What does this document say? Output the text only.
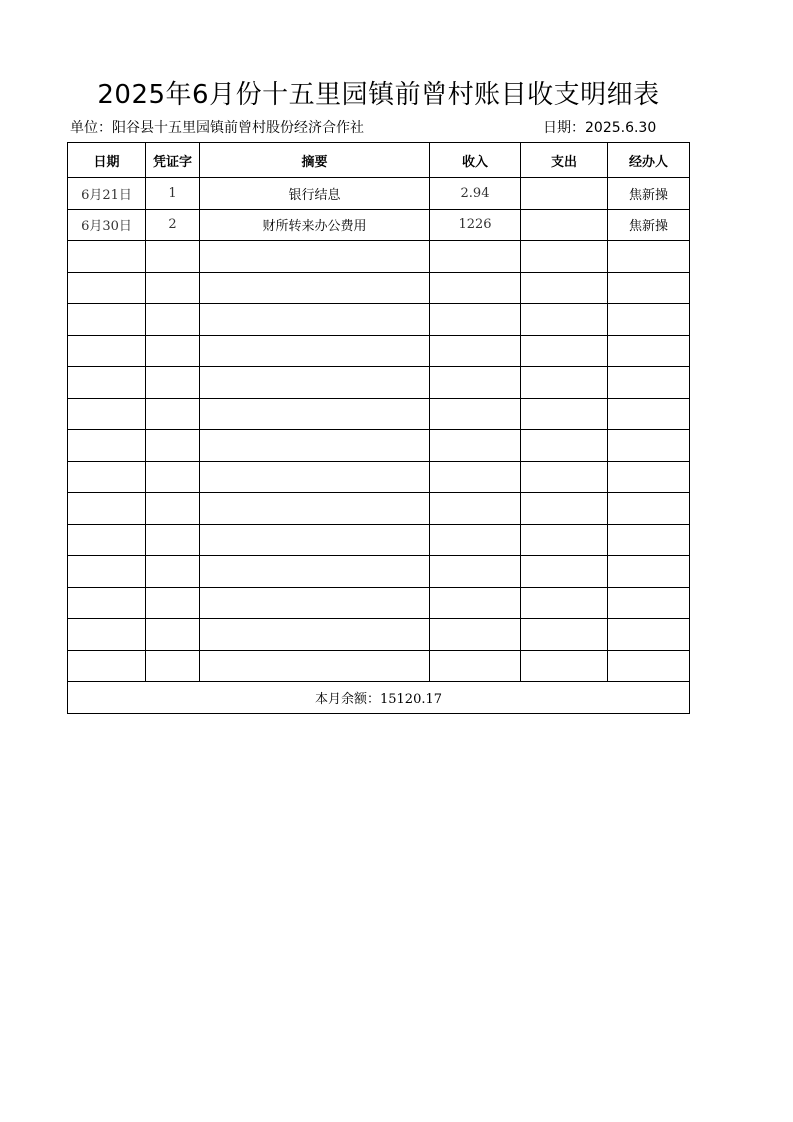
2025年6月份十五里园镇前曾村账目收支明细表
单位：阳谷县十五里园镇前曾村股份经济合作社	日期：2025.6.30
日期	凭证字	摘要	收入	支出	经办人
6月21日	1	银行结息	2.94		焦新操
6月30日	2	财所转来办公费用	1226		焦新操

本月余额：15120.17					
